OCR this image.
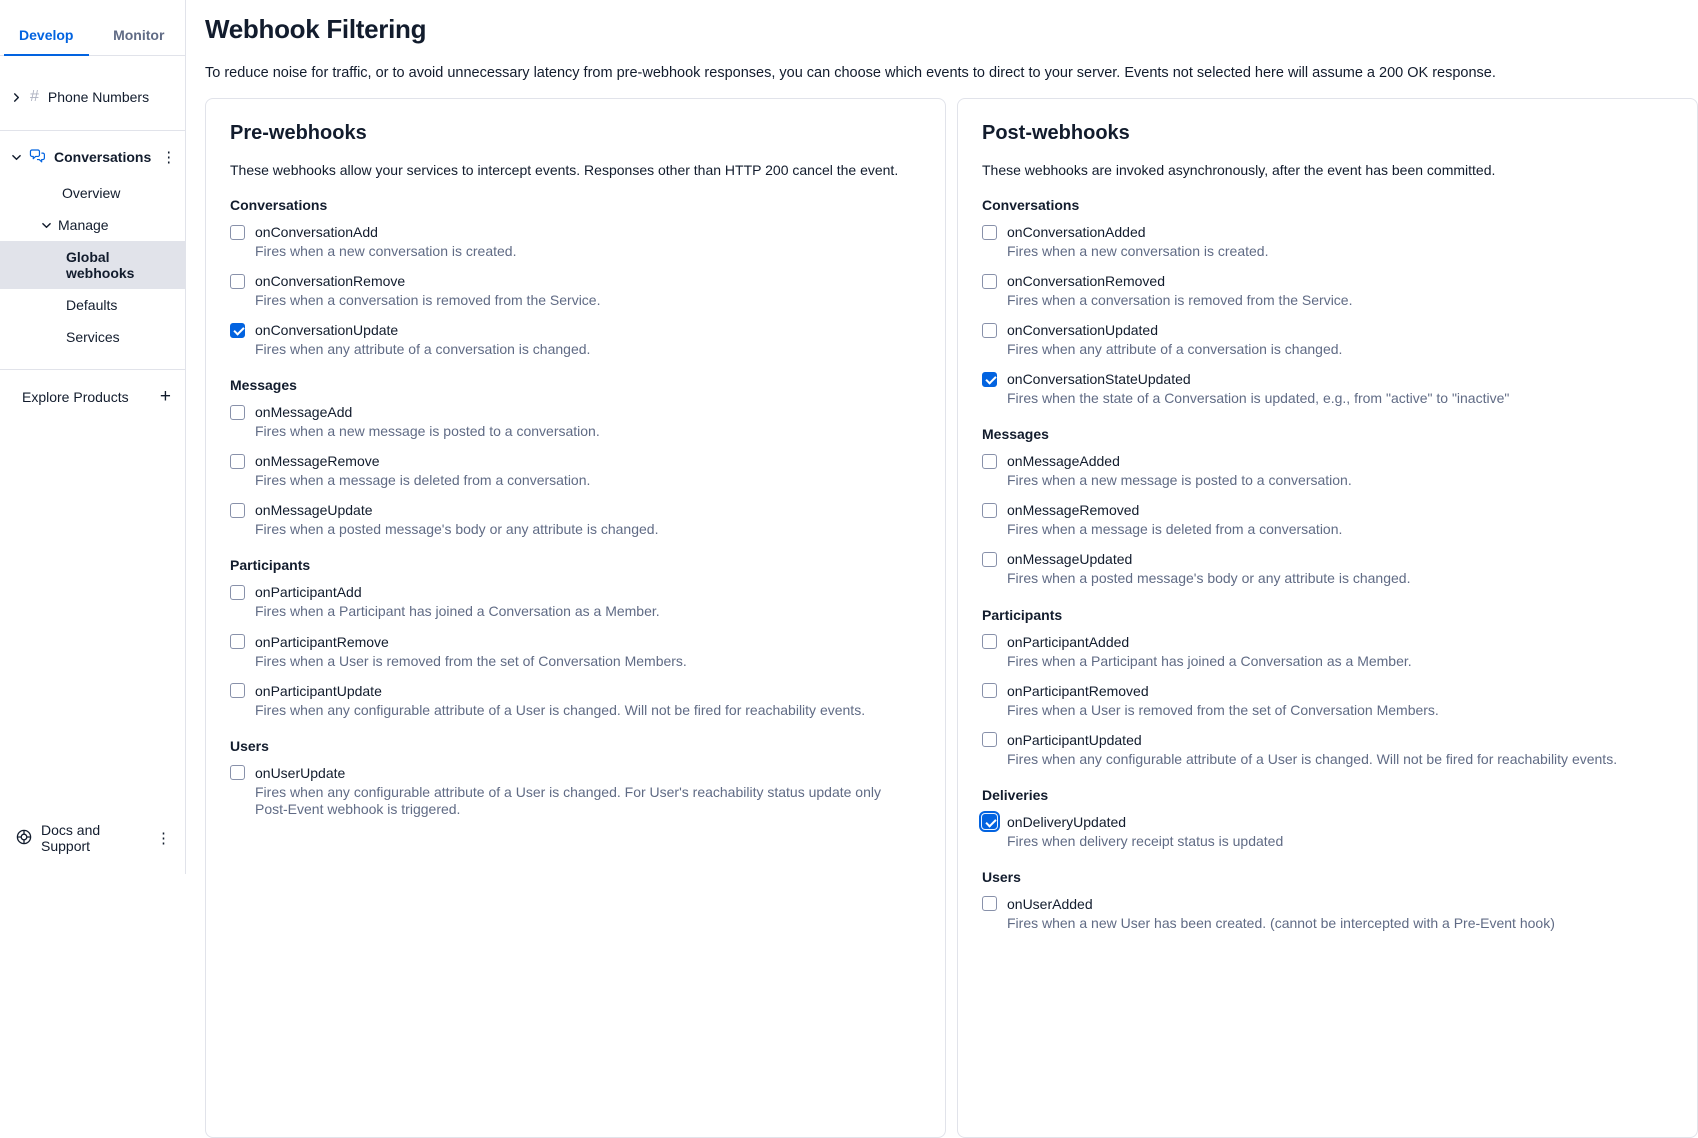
Develop	Monitor
# Phone Numbers
Conversations ⋮
Overview
Manage
Global webhooks
Defaults
Services
Explore Products +
Docs and Support	⋮
Webhook Filtering

To reduce noise for traffic, or to avoid unnecessary latency from pre-webhook responses, you can choose which events to direct to your server. Events not selected here will assume a 200 OK response.

Pre-webhooks

These webhooks allow your services to intercept events. Responses other than HTTP 200 cancel the event.

Conversations
onConversationAdd
Fires when a new conversation is created.
onConversationRemove
Fires when a conversation is removed from the Service.
onConversationUpdate
Fires when any attribute of a conversation is changed.
Messages
onMessageAdd
Fires when a new message is posted to a conversation.
onMessageRemove
Fires when a message is deleted from a conversation.
onMessageUpdate
Fires when a posted message's body or any attribute is changed.
Participants
onParticipantAdd
Fires when a Participant has joined a Conversation as a Member.
onParticipantRemove
Fires when a User is removed from the set of Conversation Members.
onParticipantUpdate
Fires when any configurable attribute of a User is changed. Will not be fired for reachability events.
Users
onUserUpdate
Fires when any configurable attribute of a User is changed. For User's reachability status update only Post-Event webhook is triggered.
Post-webhooks

These webhooks are invoked asynchronously, after the event has been committed.

Conversations
onConversationAdded
Fires when a new conversation is created.
onConversationRemoved
Fires when a conversation is removed from the Service.
onConversationUpdated
Fires when any attribute of a conversation is changed.
onConversationStateUpdated
Fires when the state of a Conversation is updated, e.g., from "active" to "inactive"
Messages
onMessageAdded
Fires when a new message is posted to a conversation.
onMessageRemoved
Fires when a message is deleted from a conversation.
onMessageUpdated
Fires when a posted message's body or any attribute is changed.
Participants
onParticipantAdded
Fires when a Participant has joined a Conversation as a Member.
onParticipantRemoved
Fires when a User is removed from the set of Conversation Members.
onParticipantUpdated
Fires when any configurable attribute of a User is changed. Will not be fired for reachability events.
Deliveries
onDeliveryUpdated
Fires when delivery receipt status is updated
Users
onUserAdded
Fires when a new User has been created. (cannot be intercepted with a Pre-Event hook)
